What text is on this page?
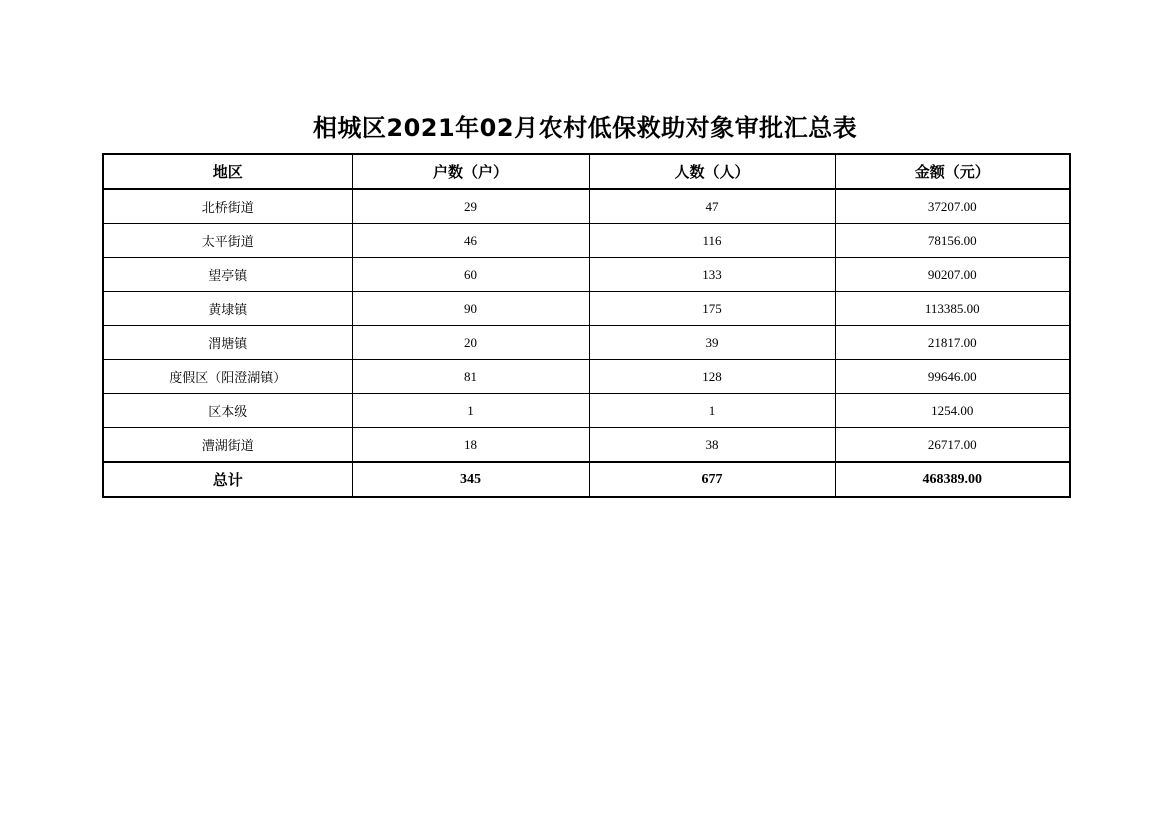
相城区2021年02月农村低保救助对象审批汇总表
地区	户数（户）	人数（人）	金额（元）
北桥街道	29	47	37207.00
太平街道	46	116	78156.00
望亭镇	60	133	90207.00
黄埭镇	90	175	113385.00
渭塘镇	20	39	21817.00
度假区（阳澄湖镇）	81	128	99646.00
区本级	1	1	1254.00
漕湖街道	18	38	26717.00
总计	345	677	468389.00
